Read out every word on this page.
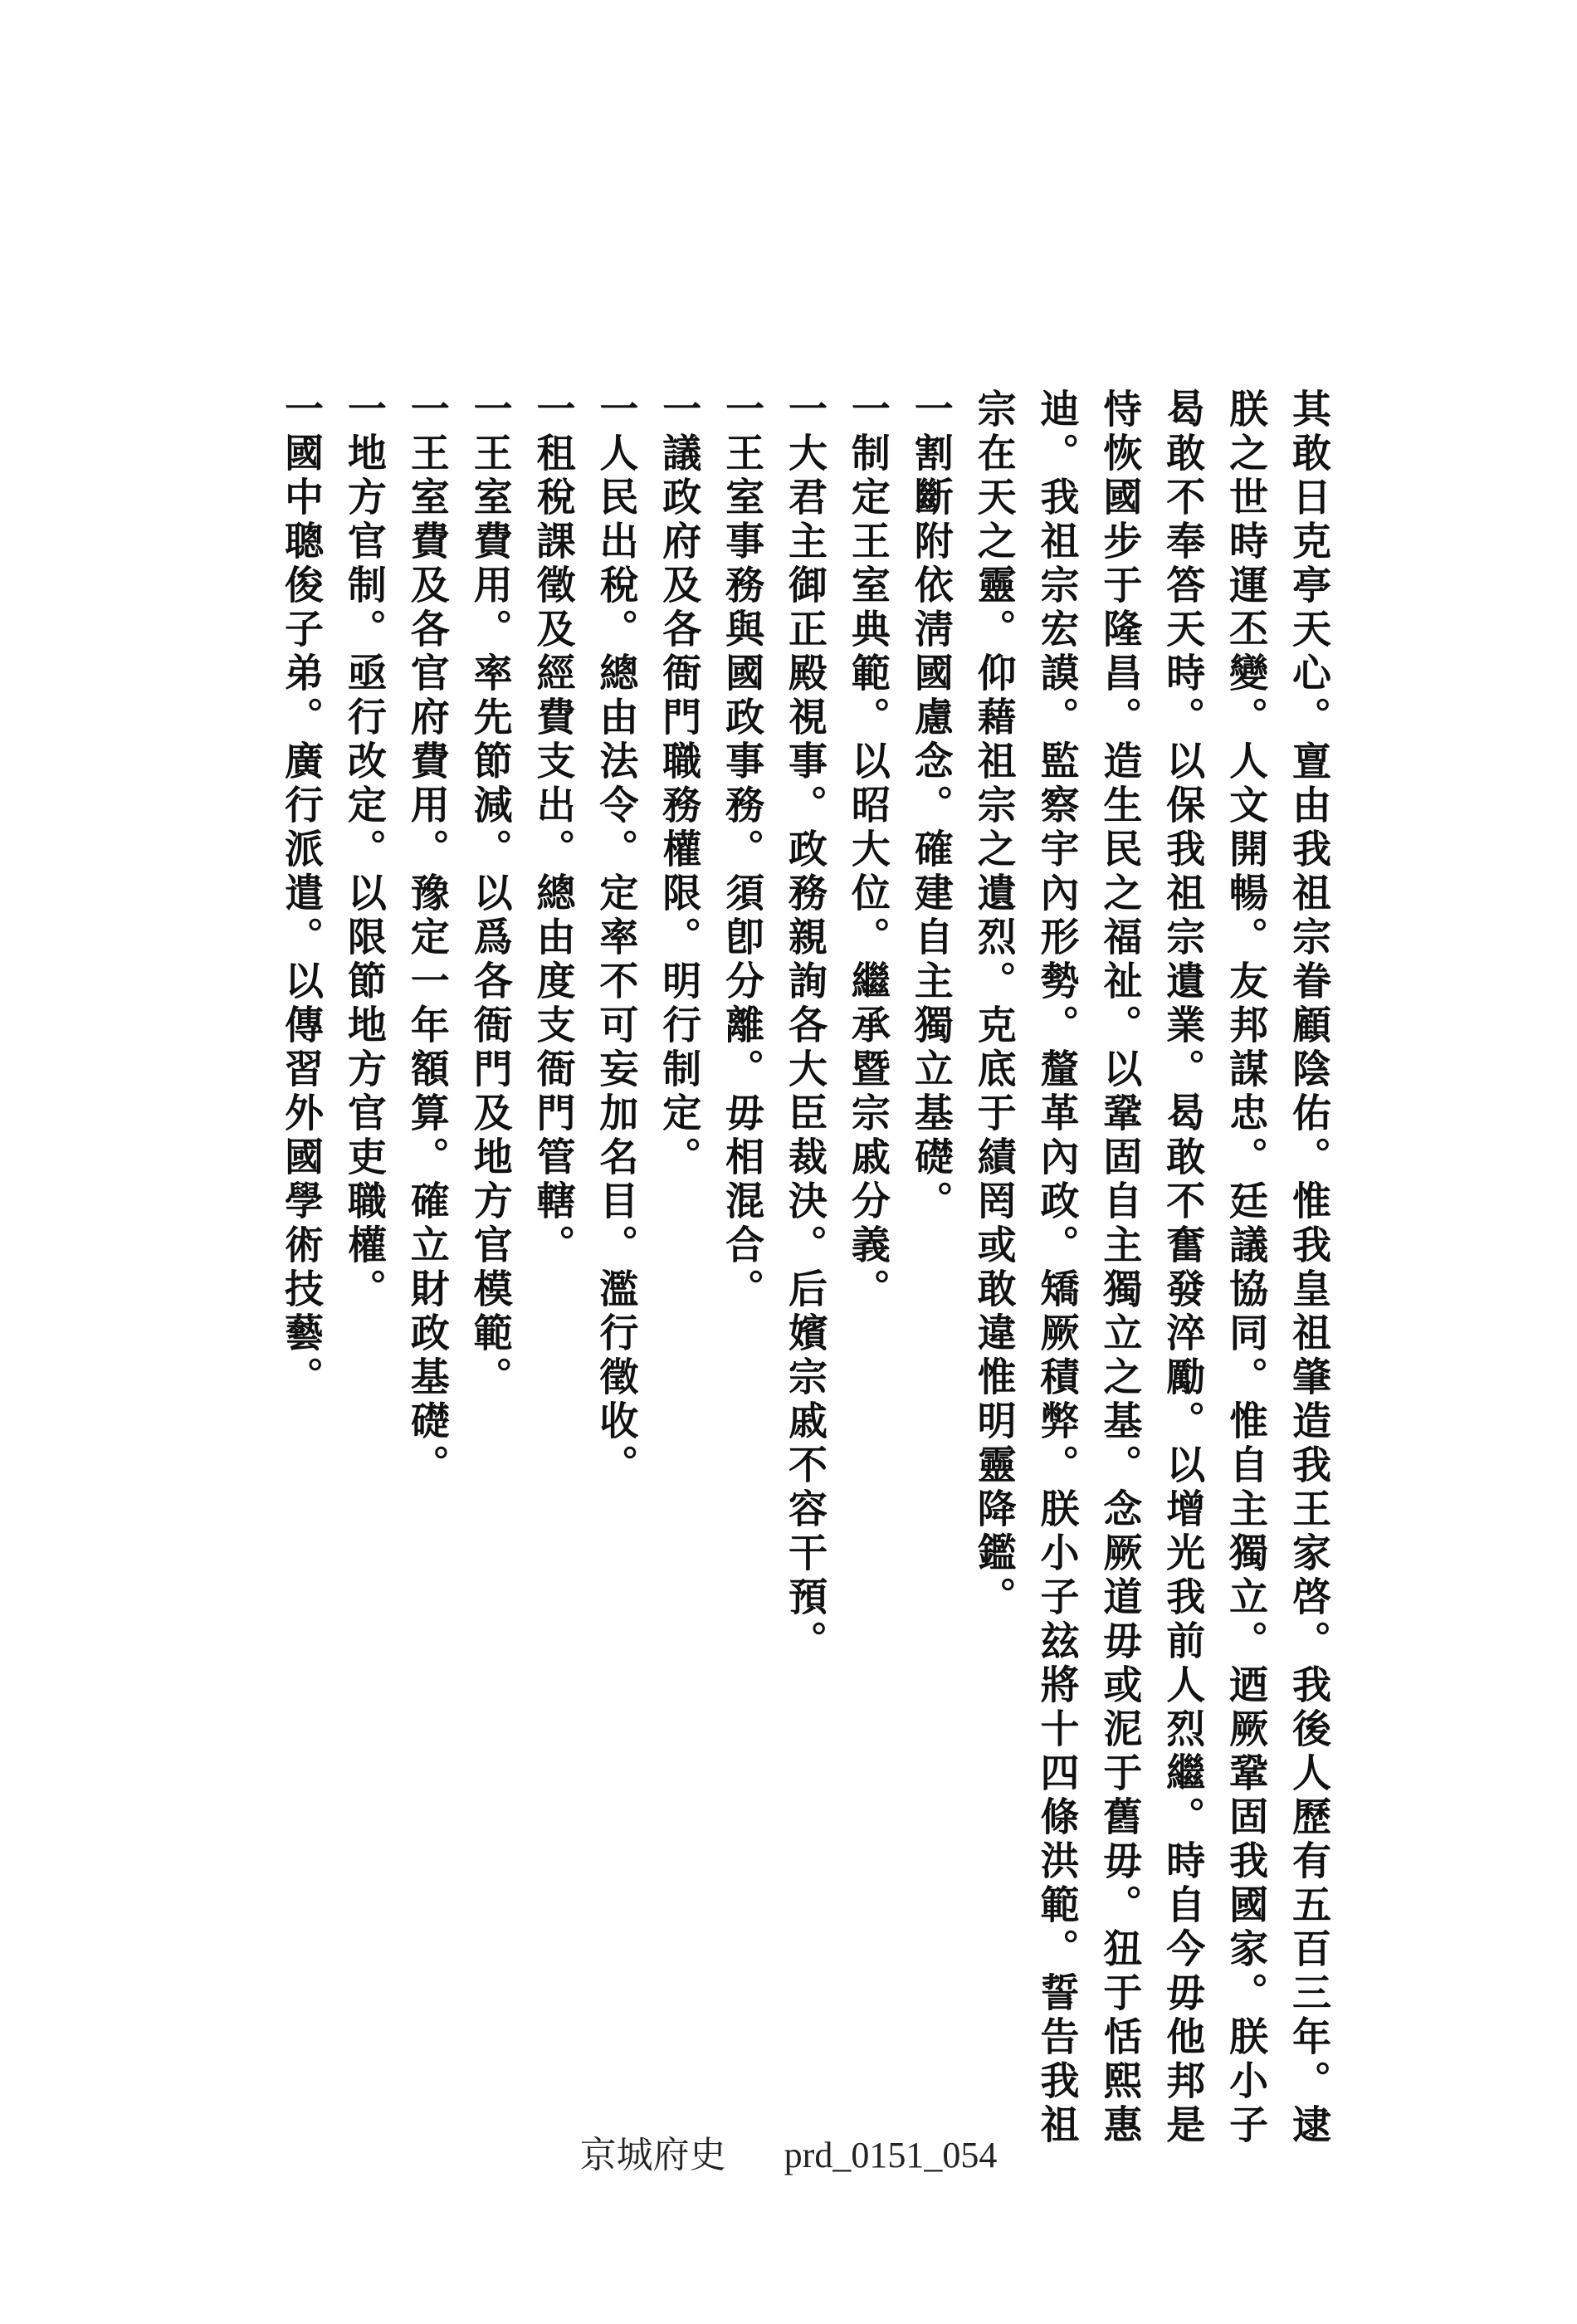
其敢日克亭天心。亶由我祖宗眷顧陰佑。惟我皇祖肇造我王家啓。我後人歷有五百三年。逮
朕之世時運丕變。人文開暢。友邦謀忠。廷議協同。惟自主獨立。迺厥鞏固我國家。朕小子
曷敢不奉答天時。以保我祖宗遺業。曷敢不奮發淬勵。以增光我前人烈繼。時自今毋他邦是
恃恢國步于隆昌。造生民之福祉。以鞏固自主獨立之基。念厥道毋或泥于舊毋。狃于恬熙惠
迪。我祖宗宏謨。監察宇內形勢。釐革內政。矯厥積弊。朕小子玆將十四條洪範。誓告我祖
宗在天之靈。仰藉祖宗之遺烈。克底于績罔或敢違惟明靈降鑑。
一割斷附依淸國慮念。確建自主獨立基礎。
一制定王室典範。以昭大位。繼承暨宗戚分義。
一大君主御正殿視事。政務親詢各大臣裁決。后嬪宗戚不容干預。
一王室事務與國政事務。須卽分離。毋相混合。
一議政府及各衙門職務權限。明行制定。
一人民出稅。總由法令。定率不可妄加名目。濫行徵收。
一租稅課徵及經費支出。總由度支衙門管轄。
一王室費用。率先節減。以爲各衙門及地方官模範。
一王室費及各官府費用。豫定一年額算。確立財政基礎。
一地方官制。亟行改定。以限節地方官吏職權。
一國中聰俊子弟。廣行派遣。以傳習外國學術技藝。
京城府史 prd_0151_054
